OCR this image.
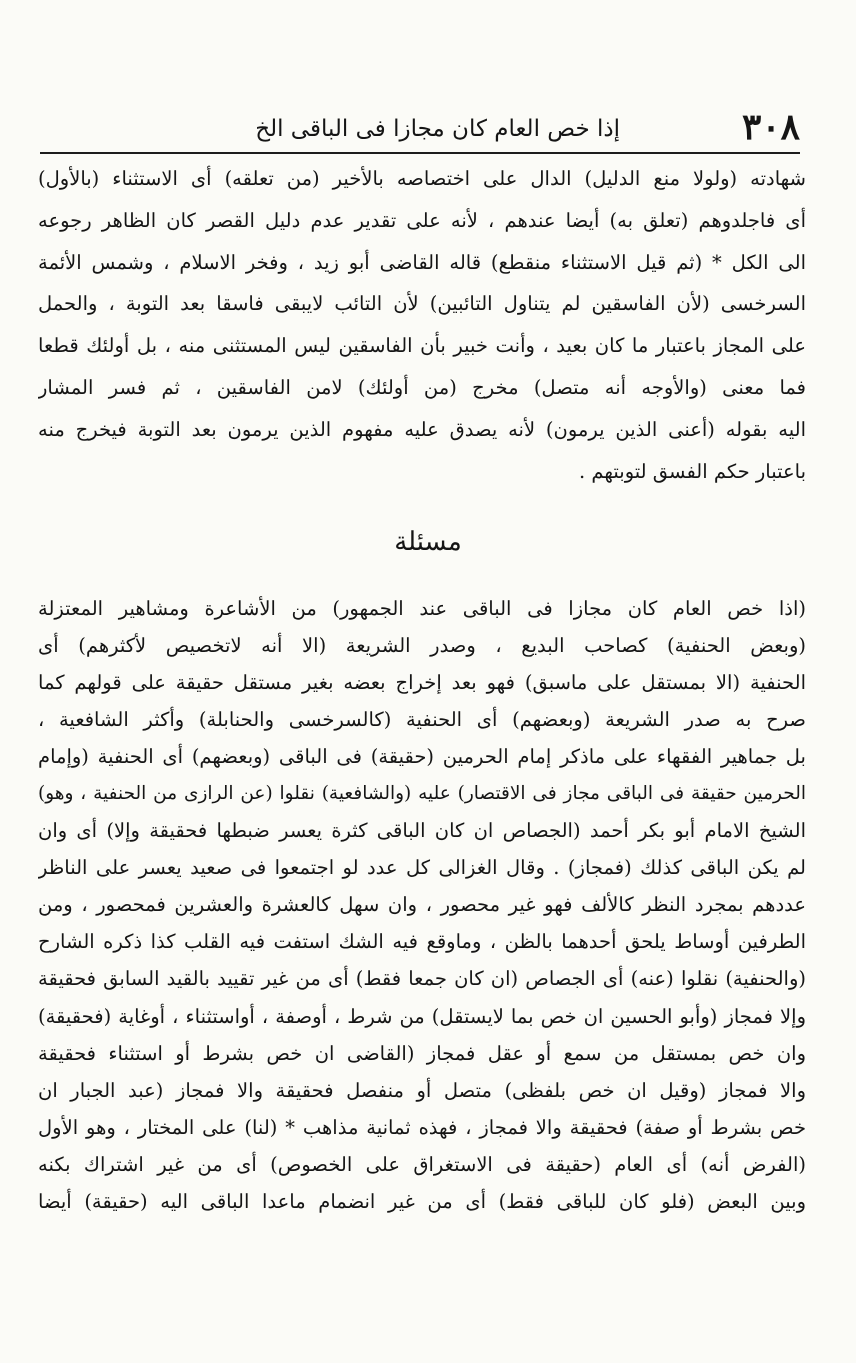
٣٠٨
إذا خص العام كان مجازا فى الباقى الخ
شهادته (ولولا منع الدليل) الدال على اختصاصه بالأخير (من تعلقه) أى الاستثناء (بالأول)
أى فاجلدوهم (تعلق به) أيضا عندهم ، لأنه على تقدير عدم دليل القصر كان الظاهر رجوعه
الى الكل * (ثم قيل الاستثناء منقطع) قاله القاضى أبو زيد ، وفخر الاسلام ، وشمس الأئمة
السرخسى (لأن الفاسقين لم يتناول التائبين) لأن التائب لايبقى فاسقا بعد التوبة ، والحمل
على المجاز باعتبار ما كان بعيد ، وأنت خبير بأن الفاسقين ليس المستثنى منه ، بل أولئك قطعا
فما معنى (والأوجه أنه متصل) مخرج (من أولئك) لامن الفاسقين ، ثم فسر المشار
اليه بقوله (أعنى الذين يرمون) لأنه يصدق عليه مفهوم الذين يرمون بعد التوبة فيخرج منه
باعتبار حكم الفسق لتوبتهم .
مسئلة
(اذا خص العام كان مجازا فى الباقى عند الجمهور) من الأشاعرة ومشاهير المعتزلة
(وبعض الحنفية) كصاحب البديع ، وصدر الشريعة (الا أنه لاتخصيص لأكثرهم) أى
الحنفية (الا بمستقل على ماسبق) فهو بعد إخراج بعضه بغير مستقل حقيقة على قولهم كما
صرح به صدر الشريعة (وبعضهم) أى الحنفية (كالسرخسى والحنابلة) وأكثر الشافعية ،
بل جماهير الفقهاء على ماذكر إمام الحرمين (حقيقة) فى الباقى (وبعضهم) أى الحنفية (وإمام
الحرمين حقيقة فى الباقى مجاز فى الاقتصار) عليه (والشافعية) نقلوا (عن الرازى من الحنفية ، وهو)
الشيخ الامام أبو بكر أحمد (الجصاص ان كان الباقى كثرة يعسر ضبطها فحقيقة وإلا) أى وان
لم يكن الباقى كذلك (فمجاز) . وقال الغزالى كل عدد لو اجتمعوا فى صعيد يعسر على الناظر
عددهم بمجرد النظر كالألف فهو غير محصور ، وان سهل كالعشرة والعشرين فمحصور ، ومن
الطرفين أوساط يلحق أحدهما بالظن ، وماوقع فيه الشك استفت فيه القلب كذا ذكره الشارح
(والحنفية) نقلوا (عنه) أى الجصاص (ان كان جمعا فقط) أى من غير تقييد بالقيد السابق فحقيقة
وإلا فمجاز (وأبو الحسين ان خص بما لايستقل) من شرط ، أوصفة ، أواستثناء ، أوغاية (فحقيقة)
وان خص بمستقل من سمع أو عقل فمجاز (القاضى ان خص بشرط أو استثناء فحقيقة
والا فمجاز (وقيل ان خص بلفظى) متصل أو منفصل فحقيقة والا فمجاز (عبد الجبار ان
خص بشرط أو صفة) فحقيقة والا فمجاز ، فهذه ثمانية مذاهب * (لنا) على المختار ، وهو الأول
(الفرض أنه) أى العام (حقيقة فى الاستغراق على الخصوص) أى من غير اشتراك بكنه
وبين البعض (فلو كان للباقى فقط) أى من غير انضمام ماعدا الباقى اليه (حقيقة) أيضا
